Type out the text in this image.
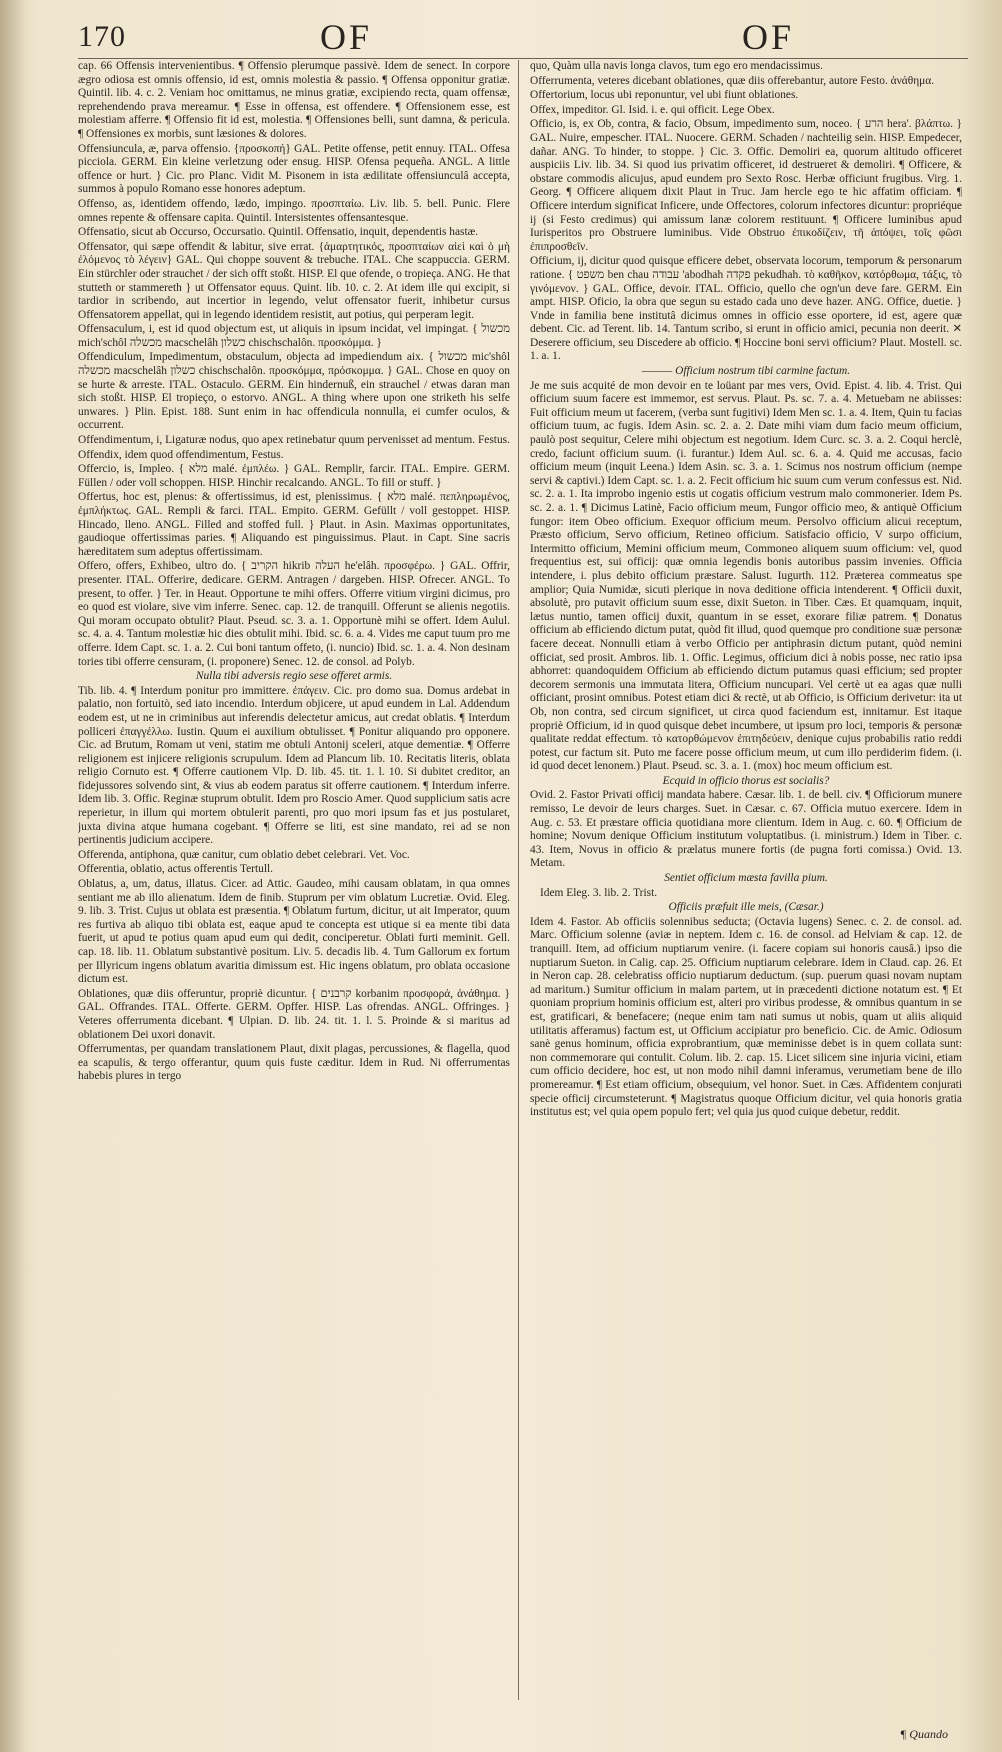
170	OF	OF

cap. 66 Offensis intervenientibus. ¶ Offensio plerumque passivè. Idem de senect. In corpore ægro odiosa est omnis offensio, id est, omnis molestia & passio. ¶ Offensa opponitur gratiæ. Quintil. lib. 4. c. 2. Veniam hoc omittamus, ne minus gratiæ, excipiendo recta, quam offensæ, reprehendendo prava mereamur. ¶ Esse in offensa, est offendere. ¶ Offensionem esse, est molestiam afferre. ¶ Offensio fit id est, molestia. ¶ Offensiones belli, sunt damna, & pericula. ¶ Offensiones ex morbis, sunt læsiones & dolores.

Offensiuncula, æ, parva offensio. {προσκοπή} GAL. Petite offense, petit ennuy. ITAL. Offesa picciola. GERM. Ein kleine verletzung oder ensug. HISP. Ofensa pequeña. ANGL. A little offence or hurt. } Cic. pro Planc. Vidit M. Pisonem in ista ædilitate offensiunculâ accepta, summos à populo Romano esse honores adeptum.

Offenso, as, identidem offendo, lædo, impingo. προσπταίω. Liv. lib. 5. bell. Punic. Flere omnes repente & offensare capita. Quintil. Intersistentes offensantesque.

Offensatio, sicut ab Occurso, Occursatio. Quintil. Offensatio, inquit, dependentis hastæ.

Offensator, qui sæpe offendit & labitur, sive errat. {ἁμαρτητικός, προσπταίων αἰεὶ καὶ ὁ μὴ ἐλόμενος τὸ λέγειν} GAL. Qui choppe souvent & trebuche. ITAL. Che scappuccia. GERM. Ein stürchler oder strauchet / der sich offt stoßt. HISP. El que ofende, o tropieça. ANG. He that stutteth or stammereth } ut Offensator equus. Quint. lib. 10. c. 2. At idem ille qui excipit, si tardior in scribendo, aut incertior in legendo, velut offensator fuerit, inhibetur cursus Offensatorem appellat, qui in legendo identidem resistit, aut potius, qui perperam legit.

Offensaculum, i, est id quod objectum est, ut aliquis in ipsum incidat, vel impingat. { מכשול mich'schôl מכשלה macschelâh כשלון chischschalôn. προσκόμμα. }

Offendiculum, Impedimentum, obstaculum, objecta ad impediendum aix. { מכשול mic'shôl מכשלה macschelâh כשלון chischschalôn. προσκόμμα, πρόσκομμα. } GAL. Chose en quoy on se hurte & arreste. ITAL. Ostaculo. GERM. Ein hindernuß, ein strauchel / etwas daran man sich stoßt. HISP. El tropieço, o estorvo. ANGL. A thing where upon one striketh his selfe unwares. } Plin. Epist. 188. Sunt enim in hac offendicula nonnulla, ei cumfer oculos, & occurrent.

Offendimentum, i, Ligaturæ nodus, quo apex retinebatur quum pervenisset ad mentum. Festus.

Offendix, idem quod offendimentum, Festus.

Offercio, is, Impleo. { מלא malé. ἐμπλέω. } GAL. Remplir, farcir. ITAL. Empire. GERM. Füllen / oder voll schoppen. HISP. Hinchir recalcando. ANGL. To fill or stuff. }

Offertus, hoc est, plenus: & offertissimus, id est, plenissimus. { מלא malé. πεπληρωμένος, ἐμπλήκτως. GAL. Rempli & farci. ITAL. Empito. GERM. Gefüllt / voll gestoppet. HISP. Hincado, lleno. ANGL. Filled and stoffed full. } Plaut. in Asin. Maximas opportunitates, gaudioque offertissimas paries. ¶ Aliquando est pinguissimus. Plaut. in Capt. Sine sacris hæreditatem sum adeptus offertissimam.

Offero, offers, Exhibeo, ultro do. { הקריב hikrib העלה he'elâh. προσφέρω. } GAL. Offrir, presenter. ITAL. Offerire, dedicare. GERM. Antragen / dargeben. HISP. Ofrecer. ANGL. To present, to offer. } Ter. in Heaut. Opportune te mihi offers. Offerre vitium virgini dicimus, pro eo quod est violare, sive vim inferre. Senec. cap. 12. de tranquill. Offerunt se alienis negotiis. Qui moram occupato obtulit? Plaut. Pseud. sc. 3. a. 1. Opportunè mihi se offert. Idem Aulul. sc. 4. a. 4. Tantum molestiæ hic dies obtulit mihi. Ibid. sc. 6. a. 4. Vides me caput tuum pro me offerre. Idem Capt. sc. 1. a. 2. Cui boni tantum offeto, (i. nuncio) Ibid. sc. 1. a. 4. Non desinam tories tibi offerre censuram, (i. proponere) Senec. 12. de consol. ad Polyb.

Nulla tibi adversis regio sese offeret armis.

Tib. lib. 4. ¶ Interdum ponitur pro immittere. ἐπάγειν. Cic. pro domo sua. Domus ardebat in palatio, non fortuitò, sed iato incendio. Interdum objicere, ut apud eundem in Lal. Addendum eodem est, ut ne in criminibus aut inferendis delectetur amicus, aut credat oblatis. ¶ Interdum polliceri ἐπαγγέλλω. Iustin. Quum ei auxilium obtulisset. ¶ Ponitur aliquando pro opponere. Cic. ad Brutum, Romam ut veni, statim me obtuli Antonij sceleri, atque dementiæ. ¶ Offerre religionem est injicere religionis scrupulum. Idem ad Plancum lib. 10. Recitatis literis, oblata religio Cornuto est. ¶ Offerre cautionem Vlp. D. lib. 45. tit. 1. l. 10. Si dubitet creditor, an fidejussores solvendo sint, & vius ab eodem paratus sit offerre cautionem. ¶ Interdum inferre. Idem lib. 3. Offic. Reginæ stuprum obtulit. Idem pro Roscio Amer. Quod supplicium satis acre reperietur, in illum qui mortem obtulerit parenti, pro quo mori ipsum fas et jus postularet, juxta divina atque humana cogebant. ¶ Offerre se liti, est sine mandato, rei ad se non pertinentis judicium accipere.

Offerenda, antiphona, quæ canitur, cum oblatio debet celebrari. Vet. Voc.

Offerentia, oblatio, actus offerentis Tertull.

Oblatus, a, um, datus, illatus. Cicer. ad Attic. Gaudeo, mihi causam oblatam, in qua omnes sentiant me ab illo alienatum. Idem de finib. Stuprum per vim oblatum Lucretiæ. Ovid. Eleg. 9. lib. 3. Trist. Cujus ut oblata est præsentia. ¶ Oblatum furtum, dicitur, ut ait Imperator, quum res furtiva ab aliquo tibi oblata est, eaque apud te concepta est utique si ea mente tibi data fuerit, ut apud te potius quam apud eum qui dedit, conciperetur. Oblati furti meminit. Gell. cap. 18. lib. 11. Oblatum substantivè positum. Liv. 5. decadis lib. 4. Tum Gallorum ex fortum per Illyricum ingens oblatum avaritia dimissum est. Hic ingens oblatum, pro oblata occasione dictum est.

Oblationes, quæ diis offeruntur, propriè dicuntur. { קרבנים korbanim προσφορά, ἀνάθημα. } GAL. Offrandes. ITAL. Offerte. GERM. Opffer. HISP. Las ofrendas. ANGL. Offringes. } Veteres offerrumenta dicebant. ¶ Ulpian. D. lib. 24. tit. 1. l. 5. Proinde & si maritus ad oblationem Dei uxori donavit.

Offerrumentas, per quandam translationem Plaut, dixit plagas, percussiones, & flagella, quod ea scapulis, & tergo offerantur, quum quis fuste cæditur. Idem in Rud. Ni offerrumentas habebis plures in tergo

quo, Quàm ulla navis longa clavos, tum ego ero mendacissimus.

Offerrumenta, veteres dicebant oblationes, quæ diis offerebantur, autore Festo. ἀνάθημα.

Offertorium, locus ubi reponuntur, vel ubi fiunt oblationes.

Offex, impeditor. Gl. Isid. i. e. qui officit. Lege Obex.

Officio, is, ex Ob, contra, & facio, Obsum, impedimento sum, noceo. { הרע hera'. βλάπτω. } GAL. Nuire, empescher. ITAL. Nuocere. GERM. Schaden / nachteilig sein. HISP. Empedecer, dañar. ANG. To hinder, to stoppe. } Cic. 3. Offic. Demoliri ea, quorum altitudo officeret auspiciis Liv. lib. 34. Si quod ius privatim officeret, id destrueret & demoliri. ¶ Officere, & obstare commodis alicujus, apud eundem pro Sexto Rosc. Herbæ officiunt frugibus. Virg. 1. Georg. ¶ Officere aliquem dixit Plaut in Truc. Jam hercle ego te hic affatim officiam. ¶ Officere interdum significat Inficere, unde Offectores, colorum infectores dicuntur: propriéque ij (si Festo credimus) qui amissum lanæ colorem restituunt. ¶ Officere luminibus apud Iurisperitos pro Obstruere luminibus. Vide Obstruo ἐπικοδίζειν, τῆ ἀπόψει, τοῖς φῶσι ἐπιπροσθεῖν.

Officium, ij, dicitur quod quisque efficere debet, observata locorum, temporum & personarum ratione. { משפט ben chau עבודה 'abodhah פקדה pekudhah. τὸ καθῆκον, κατόρθωμα, τάξις, τὸ γινόμενον. } GAL. Office, devoir. ITAL. Officio, quello che ogn'un deve fare. GERM. Ein ampt. HISP. Oficio, la obra que segun su estado cada uno deve hazer. ANG. Office, duetie. } Vnde in familia bene institutâ dicimus omnes in officio esse oportere, id est, agere quæ debent. Cic. ad Terent. lib. 14. Tantum scribo, si erunt in officio amici, pecunia non deerit. ✕ Deserere officium, seu Discedere ab officio. ¶ Hoccine boni servi officium? Plaut. Mostell. sc. 1. a. 1.

——— Officium nostrum tibi carmine factum.

Je me suis acquité de mon devoir en te loüant par mes vers, Ovid. Epist. 4. lib. 4. Trist. Qui officium suum facere est immemor, est servus. Plaut. Ps. sc. 7. a. 4. Metuebam ne abiisses: Fuit officium meum ut facerem, (verba sunt fugitivi) Idem Men sc. 1. a. 4. Item, Quin tu facias officium tuum, ac fugis. Idem Asin. sc. 2. a. 2. Date mihi viam dum facio meum officium, paulò post sequitur, Celere mihi objectum est negotium. Idem Curc. sc. 3. a. 2. Coqui herclè, credo, faciunt officium suum. (i. furantur.) Idem Aul. sc. 6. a. 4. Quid me accusas, facio officium meum (inquit Leena.) Idem Asin. sc. 3. a. 1. Scimus nos nostrum officium (nempe servi & captivi.) Idem Capt. sc. 1. a. 2. Fecit officium hic suum cum verum confessus est. Nid. sc. 2. a. 1. Ita improbo ingenio estis ut cogatis officium vestrum malo commonerier. Idem Ps. sc. 2. a. 1. ¶ Dicimus Latinè, Facio officium meum, Fungor officio meo, & antiquè Officium fungor: item Obeo officium. Exequor officium meum. Persolvo officium alicui receptum, Præsto officium, Servo officium, Retineo officium. Satisfacio officio, V surpo officium, Intermitto officium, Memini officium meum, Commoneo aliquem suum officium: vel, quod frequentius est, sui officij: quæ omnia legendis bonis autoribus passim invenies. Officia intendere, i. plus debito officium præstare. Salust. Iugurth. 112. Præterea commeatus spe amplior; Quia Numidæ, sicuti plerique in nova deditione officia intenderent. ¶ Officii duxit, absolutè, pro putavit officium suum esse, dixit Sueton. in Tiber. Cæs. Et quamquam, inquit, lætus nuntio, tamen officij duxit, quantum in se esset, exorare filiæ patrem. ¶ Donatus officium ab efficiendo dictum putat, quòd fit illud, quod quemque pro conditione suæ personæ facere deceat. Nonnulli etiam à verbo Officio per antiphrasin dictum putant, quòd nemini officiat, sed prosit. Ambros. lib. 1. Offic. Legimus, officium dici à nobis posse, nec ratio ipsa abhorret: quandoquidem Officium ab efficiendo dictum putamus quasi efficium; sed propter decorem sermonis una immutata litera, Officium nuncupari. Vel certè ut ea agas quæ nulli officiant, prosint omnibus. Potest etiam dici & rectè, ut ab Officio, is Officium derivetur: ita ut Ob, non contra, sed circum significet, ut circa quod faciendum est, innitamur. Est itaque propriè Officium, id in quod quisque debet incumbere, ut ipsum pro loci, temporis & personæ qualitate reddat effectum. τὸ κατορθώμενον ἐπιτηδεύειν, denique cujus probabilis ratio reddi potest, cur factum sit. Puto me facere posse officium meum, ut cum illo perdiderim fidem. (i. id quod decet lenonem.) Plaut. Pseud. sc. 3. a. 1. (mox) hoc meum officium est.

Ecquid in officio thorus est socialis?

Ovid. 2. Fastor Privati officij mandata habere. Cæsar. lib. 1. de bell. civ. ¶ Officiorum munere remisso, Le devoir de leurs charges. Suet. in Cæsar. c. 67. Officia mutuo exercere. Idem in Aug. c. 53. Et præstare officia quotidiana more clientum. Idem in Aug. c. 60. ¶ Officium de homine; Novum denique Officium institutum voluptatibus. (i. ministrum.) Idem in Tiber. c. 43. Item, Novus in officio & prælatus munere fortis (de pugna forti comissa.) Ovid. 13. Metam.

Sentiet officium mæsta favilla pium.

Idem Eleg. 3. lib. 2. Trist.

Officiis præfuit ille meis, (Cæsar.)

Idem 4. Fastor. Ab officiis solennibus seducta; (Octavia lugens) Senec. c. 2. de consol. ad. Marc. Officium solenne (aviæ in neptem. Idem c. 16. de consol. ad Helviam & cap. 12. de tranquill. Item, ad officium nuptiarum venire. (i. facere copiam sui honoris causâ.) ipso die nuptiarum Sueton. in Calig. cap. 25. Officium nuptiarum celebrare. Idem in Claud. cap. 26. Et in Neron cap. 28. celebratiss officio nuptiarum deductum. (sup. puerum quasi novam nuptam ad maritum.) Sumitur officium in malam partem, ut in præcedenti dictione notatum est. ¶ Et quoniam proprium hominis officium est, alteri pro viribus prodesse, & omnibus quantum in se est, gratificari, & benefacere; (neque enim tam nati sumus ut nobis, quam ut aliis aliquid utilitatis afferamus) factum est, ut Officium accipiatur pro beneficio. Cic. de Amic. Odiosum sanè genus hominum, officia exprobrantium, quæ meminisse debet is in quem collata sunt: non commemorare qui contulit. Colum. lib. 2. cap. 15. Licet silicem sine injuria vicini, etiam cum officio decidere, hoc est, ut non modo nihil damni inferamus, verumetiam bene de illo promereamur. ¶ Est etiam officium, obsequium, vel honor. Suet. in Cæs. Affidentem conjurati specie officij circumsteterunt. ¶ Magistratus quoque Officium dicitur, vel quia honoris gratia institutus est; vel quia opem populo fert; vel quia jus quod cuique debetur, reddit.

¶ Quando
